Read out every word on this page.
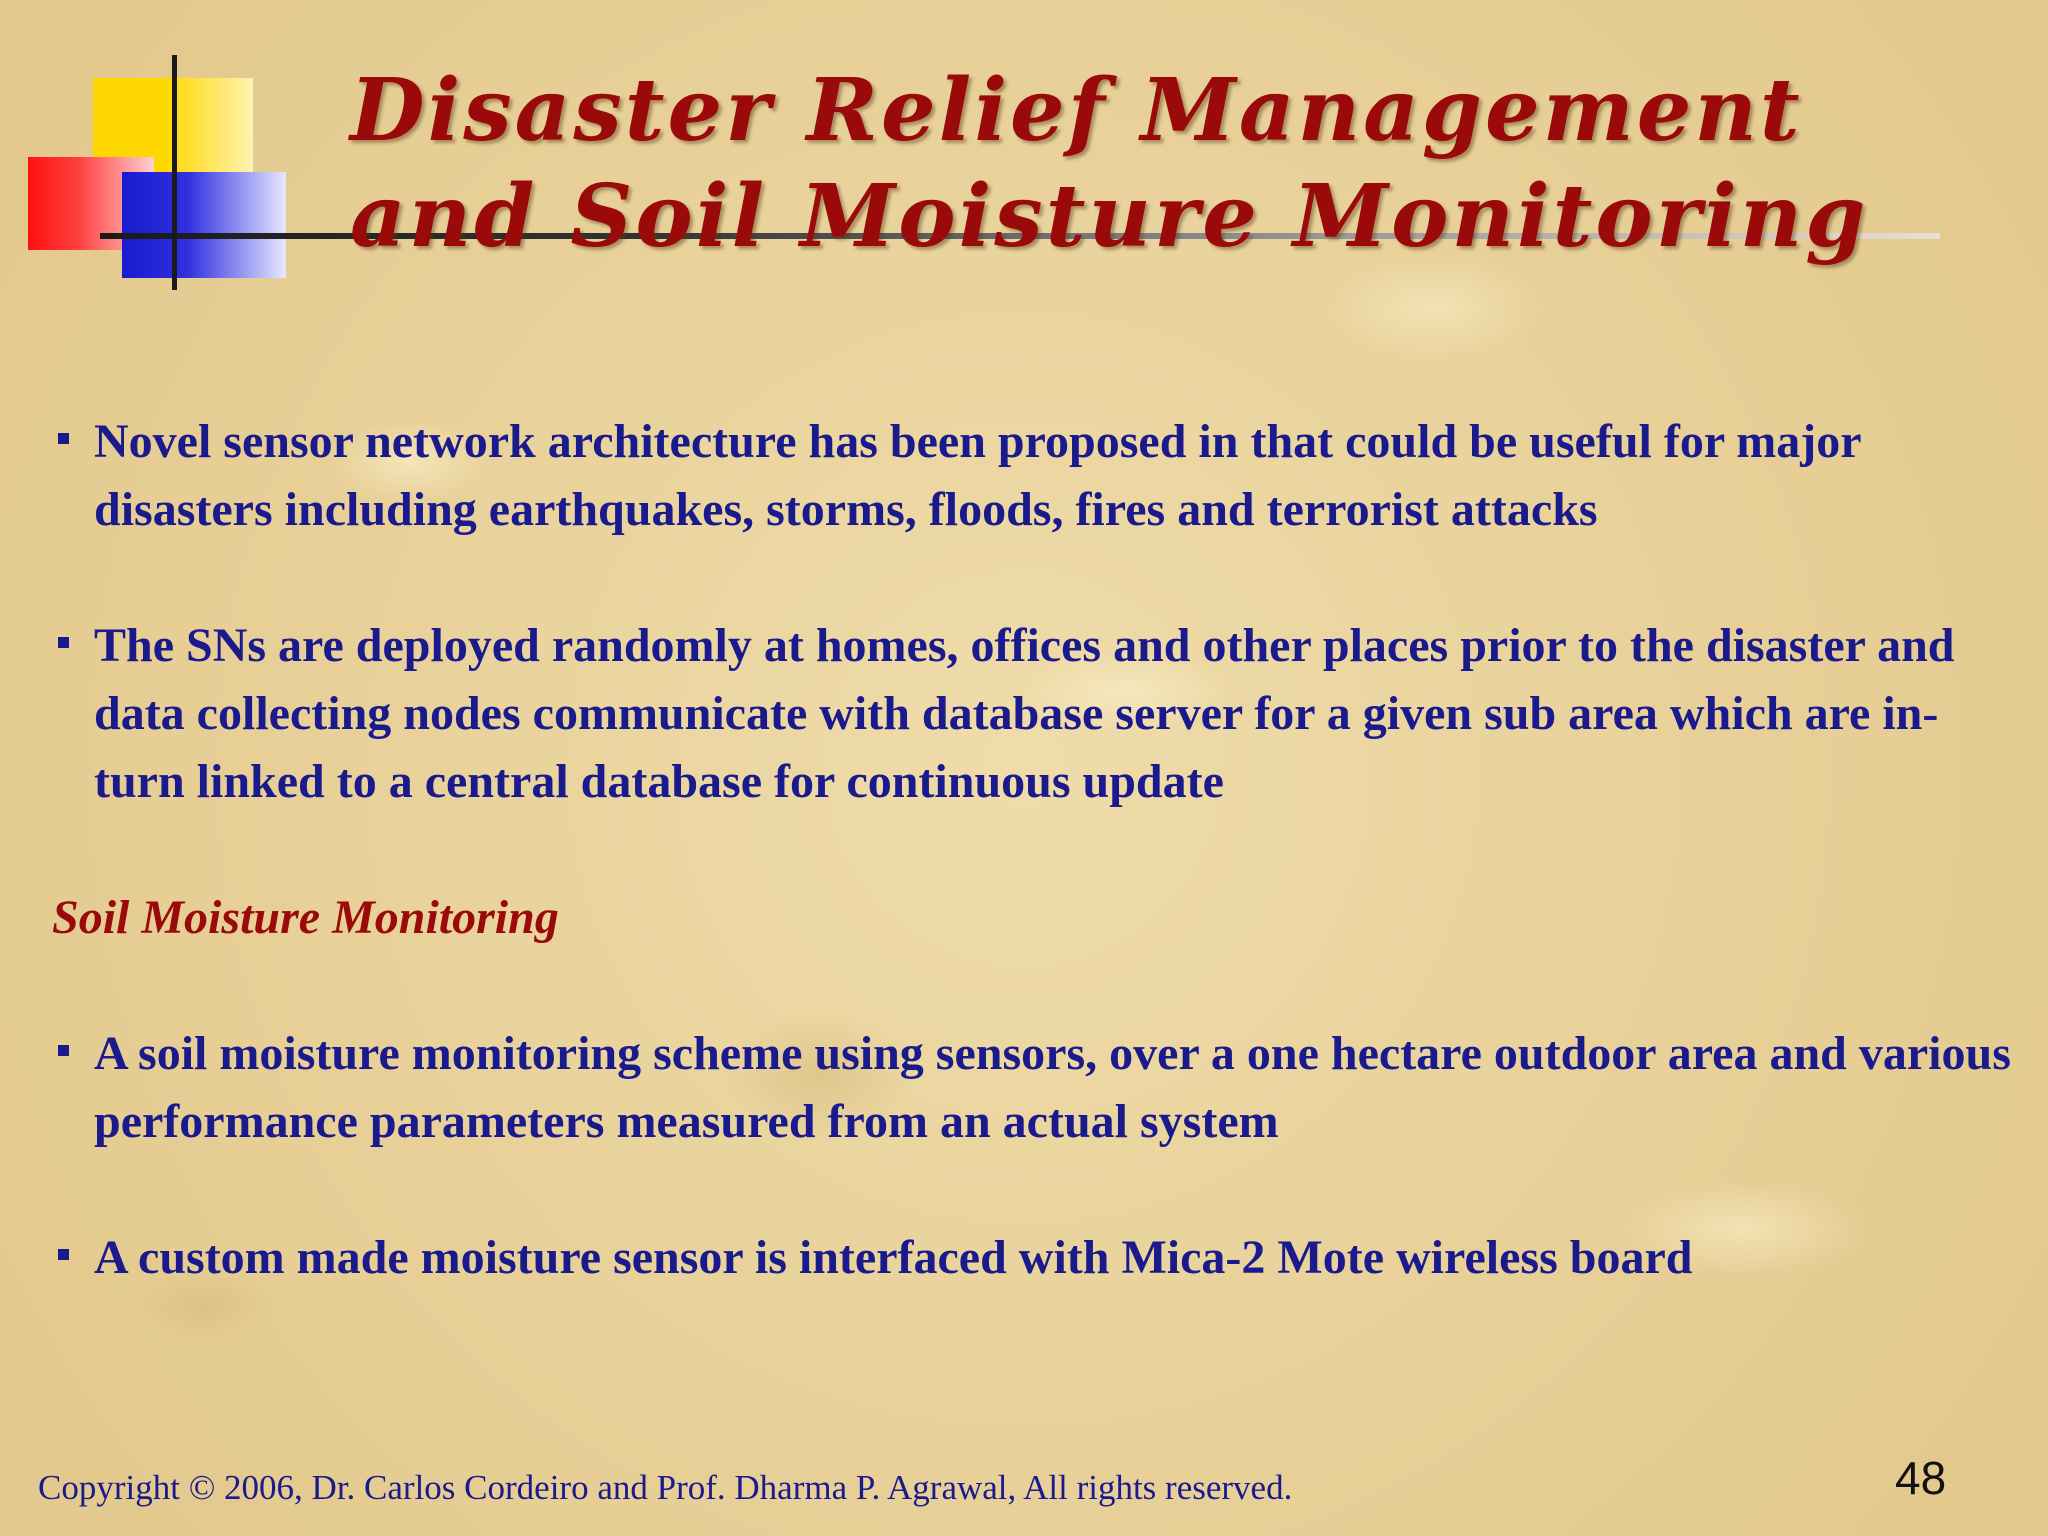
Disaster Relief Management
and Soil Moisture Monitoring

Novel sensor network architecture has been proposed in that could be useful for major disasters including earthquakes, storms, floods, fires and terrorist attacks

The SNs are deployed randomly at homes, offices and other places prior to the disaster and data collecting nodes communicate with database server for a given sub area which are in-turn linked to a central database for continuous update

Soil Moisture Monitoring

A soil moisture monitoring scheme using sensors, over a one hectare outdoor area and various performance parameters measured from an actual system

A custom made moisture sensor is interfaced with Mica-2 Mote wireless board

Copyright © 2006, Dr. Carlos Cordeiro and Prof. Dharma P. Agrawal, All rights reserved.	48
